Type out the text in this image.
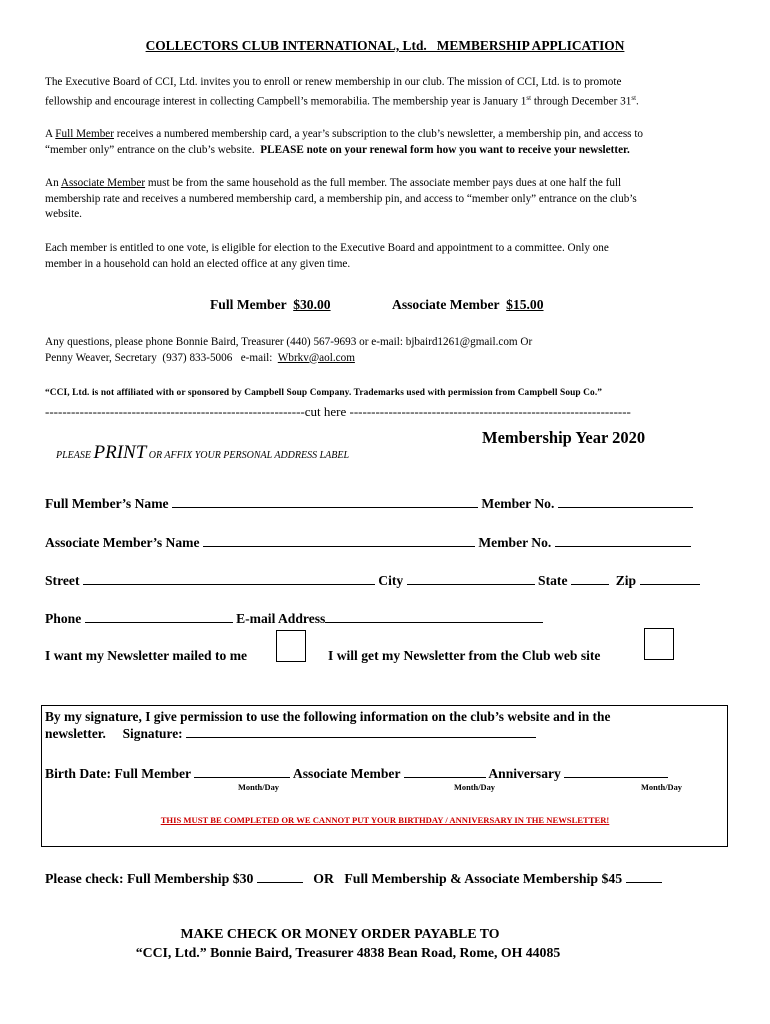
COLLECTORS CLUB INTERNATIONAL, Ltd.   MEMBERSHIP APPLICATION
The Executive Board of CCI, Ltd. invites you to enroll or renew membership in our club. The mission of CCI, Ltd. is to promote
fellowship and encourage interest in collecting Campbell’s memorabilia. The membership year is January 1st through December 31st.
A Full Member receives a numbered membership card, a year’s subscription to the club’s newsletter, a membership pin, and access to
“member only” entrance on the club’s website.  PLEASE note on your renewal form how you want to receive your newsletter.
An Associate Member must be from the same household as the full member. The associate member pays dues at one half the full
membership rate and receives a numbered membership card, a membership pin, and access to “member only” entrance on the club’s
website.
Each member is entitled to one vote, is eligible for election to the Executive Board and appointment to a committee. Only one
member in a household can hold an elected office at any given time.
Full Member  $30.00	Associate Member  $15.00
Any questions, please phone Bonnie Baird, Treasurer (440) 567-9693 or e-mail: bjbaird1261@gmail.com Or
Penny Weaver, Secretary  (937) 833-5006   e-mail:  Wbrkv@aol.com
“CCI, Ltd. is not affiliated with or sponsored by Campbell Soup Company. Trademarks used with permission from Campbell Soup Co.”
------------------------------------------------------------cut here -----------------------------------------------------------------

PLEASE PRINT OR AFFIX YOUR PERSONAL ADDRESS LABEL

Membership Year 2020
Full Member’s Name	Member No.
Associate Member’s Name	Member No.
Street	City	State	Zip
Phone	E-mail Address
I want my Newsletter mailed to me	I will get my Newsletter from the Club web site
By my signature, I give permission to use the following information on the club’s website and in the
newsletter.     Signature:
Birth Date: Full Member	Associate Member	Anniversary
Month/Day	Month/Day	Month/Day
THIS MUST BE COMPLETED OR WE CANNOT PUT YOUR BIRTHDAY / ANNIVERSARY IN THE NEWSLETTER!
Please check: Full Membership $30	OR Full Membership & Associate Membership $45
MAKE CHECK OR MONEY ORDER PAYABLE TO
“CCI, Ltd.” Bonnie Baird, Treasurer 4838 Bean Road, Rome, OH 44085
